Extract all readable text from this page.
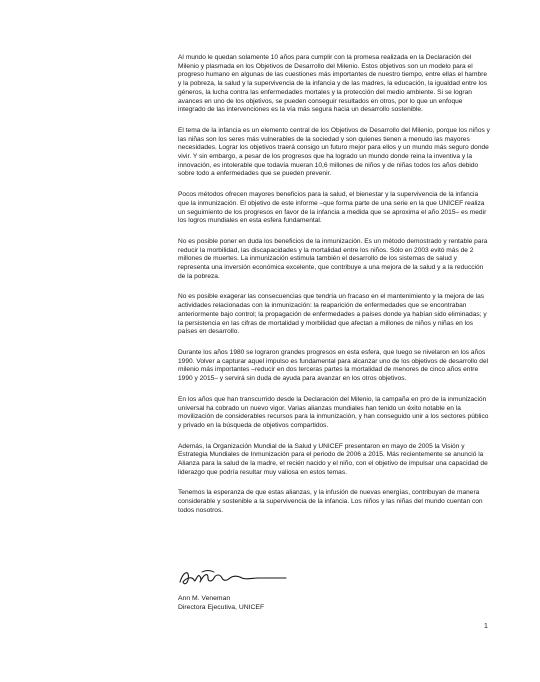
Al mundo le quedan solamente 10 años para cumplir con la promesa realizada en la Declaración del Milenio y plasmada en los Objetivos de Desarrollo del Milenio. Estos objetivos son un modelo para el progreso humano en algunas de las cuestiones más importantes de nuestro tiempo, entre ellas el hambre y la pobreza, la salud y la supervivencia de la infancia y de las madres, la educación, la igualdad entre los géneros, la lucha contra las enfermedades mortales y la protección del medio ambiente. Si se logran avances en uno de los objetivos, se pueden conseguir resultados en otros, por lo que un enfoque integrado de las intervenciones es la vía más segura hacia un desarrollo sostenible.

El tema de la infancia es un elemento central de los Objetivos de Desarrollo del Milenio, porque los niños y las niñas son los seres más vulnerables de la sociedad y son quienes tienen a menudo las mayores necesidades. Lograr los objetivos traerá consigo un futuro mejor para ellos y un mundo más seguro donde vivir. Y sin embargo, a pesar de los progresos que ha logrado un mundo donde reina la inventiva y la innovación, es intolerable que todavía mueran 10,6 millones de niños y de niñas todos los años debido sobre todo a enfermedades que se pueden prevenir.

Pocos métodos ofrecen mayores beneficios para la salud, el bienestar y la supervivencia de la infancia que la inmunización. El objetivo de este informe –que forma parte de una serie en la que UNICEF realiza un seguimiento de los progresos en favor de la infancia a medida que se aproxima el año 2015– es medir los logros mundiales en esta esfera fundamental.

No es posible poner en duda los beneficios de la inmunización. Es un método demostrado y rentable para reducir la morbilidad, las discapacidades y la mortalidad entre los niños. Sólo en 2003 evitó más de 2 millones de muertes. La inmunización estimula también el desarrollo de los sistemas de salud y representa una inversión económica excelente, que contribuye a una mejora de la salud y a la reducción de la pobreza.

No es posible exagerar las consecuencias que tendría un fracaso en el mantenimiento y la mejora de las actividades relacionadas con la inmunización: la reaparición de enfermedades que se encontraban anteriormente bajo control; la propagación de enfermedades a países donde ya habían sido eliminadas; y la persistencia en las cifras de mortalidad y morbilidad que afectan a millones de niños y niñas en los países en desarrollo.

Durante los años 1980 se lograron grandes progresos en esta esfera, que luego se nivelaron en los años 1990. Volver a capturar aquel impulso es fundamental para alcanzar uno de los objetivos de desarrollo del milenio más importantes –reducir en dos terceras partes la mortalidad de menores de cinco años entre 1990 y 2015– y servirá sin duda de ayuda para avanzar en los otros objetivos.

En los años que han transcurrido desde la Declaración del Milenio, la campaña en pro de la inmunización universal ha cobrado un nuevo vigor. Varias alianzas mundiales han tenido un éxito notable en la movilización de considerables recursos para la inmunización, y han conseguido unir a los sectores público y privado en la búsqueda de objetivos compartidos.

Además, la Organización Mundial de la Salud y UNICEF presentaron en mayo de 2005 la Visión y Estrategia Mundiales de Inmunización para el periodo de 2006 a 2015. Más recientemente se anunció la Alianza para la salud de la madre, el recién nacido y el niño, con el objetivo de impulsar una capacidad de liderazgo que podría resultar muy valiosa en estos temas.

Tenemos la esperanza de que estas alianzas, y la infusión de nuevas energías, contribuyan de manera considerable y sostenible a la supervivencia de la infancia. Los niños y las niñas del mundo cuentan con todos nosotros.

Ann M. Veneman
Directora Ejecutiva, UNICEF
1
